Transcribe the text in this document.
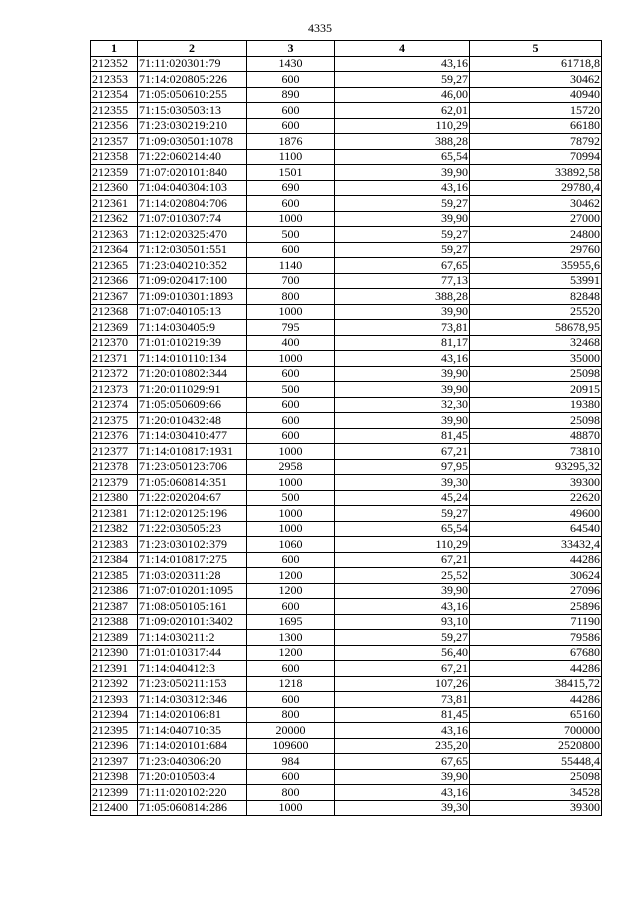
4335
1	2	3	4	5
212352	71:11:020301:79	1430	43,16	61718,8
212353	71:14:020805:226	600	59,27	30462
212354	71:05:050610:255	890	46,00	40940
212355	71:15:030503:13	600	62,01	15720
212356	71:23:030219:210	600	110,29	66180
212357	71:09:030501:1078	1876	388,28	78792
212358	71:22:060214:40	1100	65,54	70994
212359	71:07:020101:840	1501	39,90	33892,58
212360	71:04:040304:103	690	43,16	29780,4
212361	71:14:020804:706	600	59,27	30462
212362	71:07:010307:74	1000	39,90	27000
212363	71:12:020325:470	500	59,27	24800
212364	71:12:030501:551	600	59,27	29760
212365	71:23:040210:352	1140	67,65	35955,6
212366	71:09:020417:100	700	77,13	53991
212367	71:09:010301:1893	800	388,28	82848
212368	71:07:040105:13	1000	39,90	25520
212369	71:14:030405:9	795	73,81	58678,95
212370	71:01:010219:39	400	81,17	32468
212371	71:14:010110:134	1000	43,16	35000
212372	71:20:010802:344	600	39,90	25098
212373	71:20:011029:91	500	39,90	20915
212374	71:05:050609:66	600	32,30	19380
212375	71:20:010432:48	600	39,90	25098
212376	71:14:030410:477	600	81,45	48870
212377	71:14:010817:1931	1000	67,21	73810
212378	71:23:050123:706	2958	97,95	93295,32
212379	71:05:060814:351	1000	39,30	39300
212380	71:22:020204:67	500	45,24	22620
212381	71:12:020125:196	1000	59,27	49600
212382	71:22:030505:23	1000	65,54	64540
212383	71:23:030102:379	1060	110,29	33432,4
212384	71:14:010817:275	600	67,21	44286
212385	71:03:020311:28	1200	25,52	30624
212386	71:07:010201:1095	1200	39,90	27096
212387	71:08:050105:161	600	43,16	25896
212388	71:09:020101:3402	1695	93,10	71190
212389	71:14:030211:2	1300	59,27	79586
212390	71:01:010317:44	1200	56,40	67680
212391	71:14:040412:3	600	67,21	44286
212392	71:23:050211:153	1218	107,26	38415,72
212393	71:14:030312:346	600	73,81	44286
212394	71:14:020106:81	800	81,45	65160
212395	71:14:040710:35	20000	43,16	700000
212396	71:14:020101:684	109600	235,20	2520800
212397	71:23:040306:20	984	67,65	55448,4
212398	71:20:010503:4	600	39,90	25098
212399	71:11:020102:220	800	43,16	34528
212400	71:05:060814:286	1000	39,30	39300
